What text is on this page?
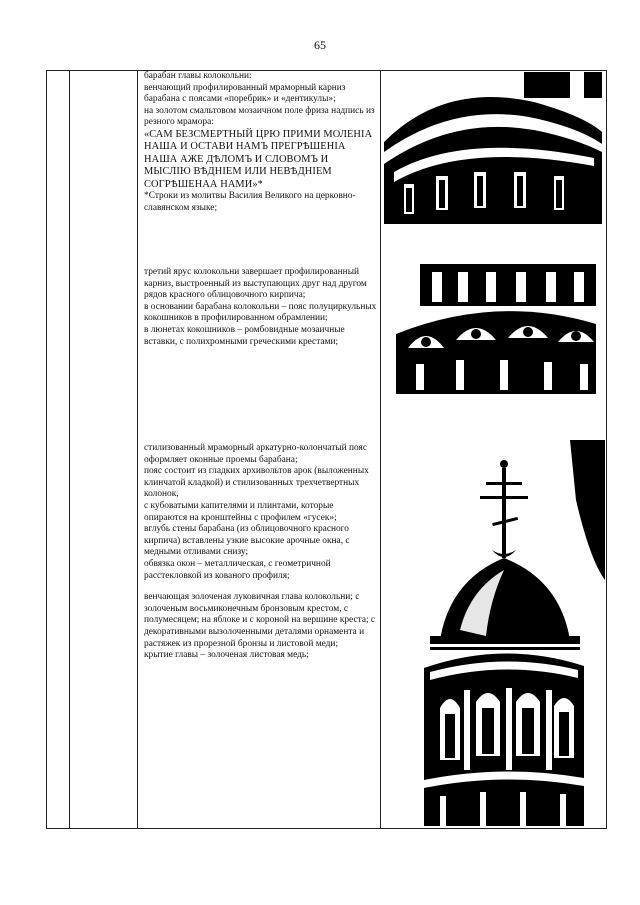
65

барабан главы колокольни:

венчающий профилированный мраморный карниз барабана с поясами «поребрик» и «дентикулы»;

на золотом смальтовом мозаичном поле фриза надпись из резного мрамора:

«САМ БЕЗСМЕРТНЫЙ ЦРЮ ПРИМИ МОЛЕНІА НАША И ОСТАВИ НАМЪ ПРЕГРѢШЕНІА НАША АЖЕ ДѢЛОМЪ И СЛОВОМЪ И МЫСЛІЮ ВѢДНІЕМ ИЛИ НЕВѢДНІЕМ СОГРѢШЕНАА НАМИ»*

*Строки из молитвы Василия Великого на церковно-славянском языке;

третий ярус колокольни завершает профилированный карниз, выстроенный из выступающих друг над другом рядов красного облицовочного кирпича;

в основании барабана колокольни – пояс полуциркульных кокошников в профилированном обрамлении;

в люнетах кокошников – ромбовидные мозаичные вставки, с полихромными греческими крестами;

стилизованный мраморный аркатурно-колончатый пояс оформляет оконные проемы барабана;

пояс состоит из гладких архивольтов арок (выложенных клинчатой кладкой) и стилизованных трехчетвертных колонок,

с кубоватыми капителями и плинтами, которые опираются на кронштейны с профилем «гусек»;

вглубь стены барабана (из облицовочного красного кирпича) вставлены узкие высокие арочные окна, с медными отливами снизу;

обвязка окон – металлическая, с геометричной расстекловкой из кованого профиля;

венчающая золоченая луковичная глава колокольни; с золоченым восьмиконечным бронзовым крестом, с полумесяцем; на яблоке и с короной на вершине креста; с декоративными вызолоченными деталями орнамента и растяжек из прорезной бронзы и листовой меди;

крытие главы – золоченая листовая медь;
